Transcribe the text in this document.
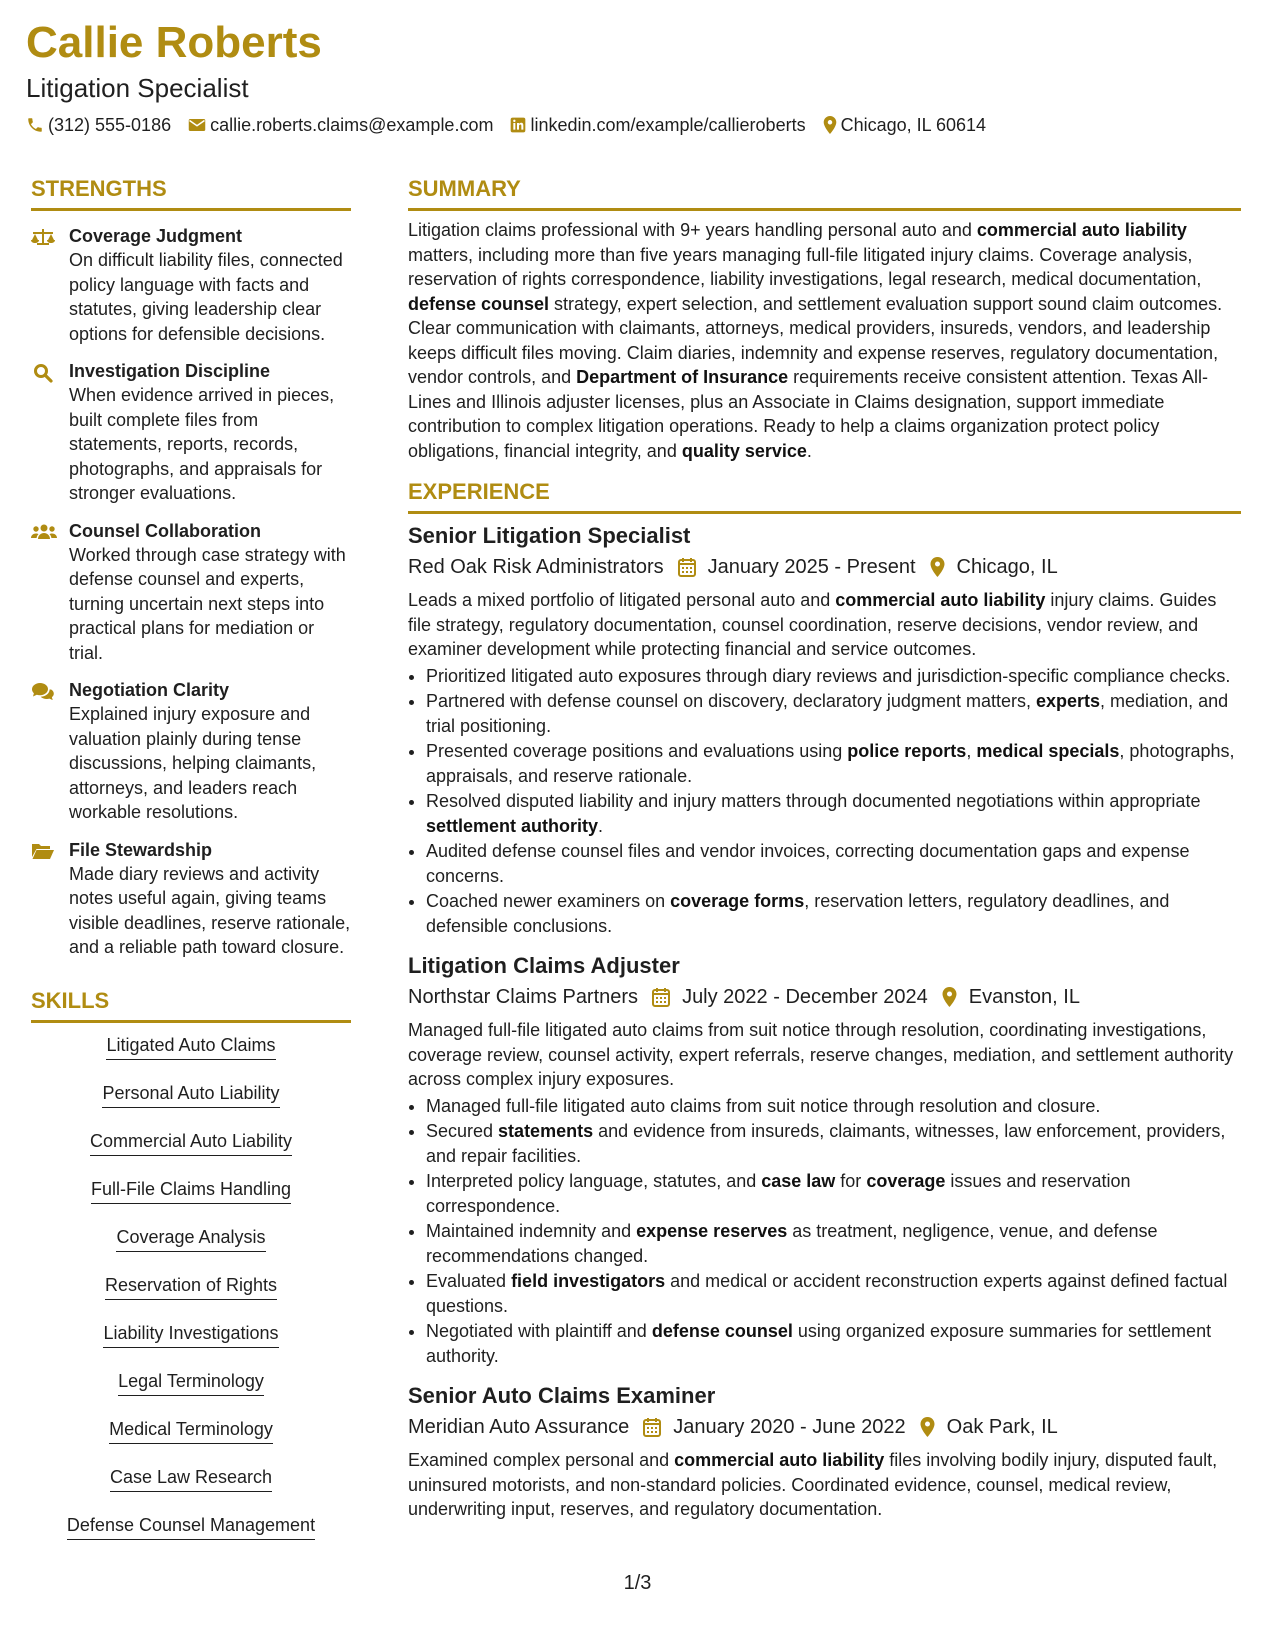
Callie Roberts
Litigation Specialist
(312) 555-0186 callie.roberts.claims@example.com linkedin.com/example/callieroberts Chicago, IL 60614
STRENGTHS
Coverage Judgment
On difficult liability files, connected policy language with facts and statutes, giving leadership clear options for defensible decisions.
Investigation Discipline
When evidence arrived in pieces, built complete files from statements, reports, records, photographs, and appraisals for stronger evaluations.
Counsel Collaboration
Worked through case strategy with defense counsel and experts, turning uncertain next steps into practical plans for mediation or trial.
Negotiation Clarity
Explained injury exposure and valuation plainly during tense discussions, helping claimants, attorneys, and leaders reach workable resolutions.
File Stewardship
Made diary reviews and activity notes useful again, giving teams visible deadlines, reserve rationale, and a reliable path toward closure.
SKILLS
Litigated Auto Claims
Personal Auto Liability
Commercial Auto Liability
Full-File Claims Handling
Coverage Analysis
Reservation of Rights
Liability Investigations
Legal Terminology
Medical Terminology
Case Law Research
Defense Counsel Management
SUMMARY
Litigation claims professional with 9+ years handling personal auto and commercial auto liability matters, including more than five years managing full-file litigated injury claims. Coverage analysis, reservation of rights correspondence, liability investigations, legal research, medical documentation, defense counsel strategy, expert selection, and settlement evaluation support sound claim outcomes. Clear communication with claimants, attorneys, medical providers, insureds, vendors, and leadership keeps difficult files moving. Claim diaries, indemnity and expense reserves, regulatory documentation, vendor controls, and Department of Insurance requirements receive consistent attention. Texas All-Lines and Illinois adjuster licenses, plus an Associate in Claims designation, support immediate contribution to complex litigation operations. Ready to help a claims organization protect policy obligations, financial integrity, and quality service.
EXPERIENCE
Senior Litigation Specialist
Red Oak Risk Administrators January 2025 - Present Chicago, IL
Leads a mixed portfolio of litigated personal auto and commercial auto liability injury claims. Guides file strategy, regulatory documentation, counsel coordination, reserve decisions, vendor review, and examiner development while protecting financial and service outcomes.
• Prioritized litigated auto exposures through diary reviews and jurisdiction-specific compliance checks.
• Partnered with defense counsel on discovery, declaratory judgment matters, experts, mediation, and trial positioning.
• Presented coverage positions and evaluations using police reports, medical specials, photographs, appraisals, and reserve rationale.
• Resolved disputed liability and injury matters through documented negotiations within appropriate settlement authority.
• Audited defense counsel files and vendor invoices, correcting documentation gaps and expense concerns.
• Coached newer examiners on coverage forms, reservation letters, regulatory deadlines, and defensible conclusions.
Litigation Claims Adjuster
Northstar Claims Partners July 2022 - December 2024 Evanston, IL
Managed full-file litigated auto claims from suit notice through resolution, coordinating investigations, coverage review, counsel activity, expert referrals, reserve changes, mediation, and settlement authority across complex injury exposures.
• Managed full-file litigated auto claims from suit notice through resolution and closure.
• Secured statements and evidence from insureds, claimants, witnesses, law enforcement, providers, and repair facilities.
• Interpreted policy language, statutes, and case law for coverage issues and reservation correspondence.
• Maintained indemnity and expense reserves as treatment, negligence, venue, and defense recommendations changed.
• Evaluated field investigators and medical or accident reconstruction experts against defined factual questions.
• Negotiated with plaintiff and defense counsel using organized exposure summaries for settlement authority.
Senior Auto Claims Examiner
Meridian Auto Assurance January 2020 - June 2022 Oak Park, IL
Examined complex personal and commercial auto liability files involving bodily injury, disputed fault, uninsured motorists, and non-standard policies. Coordinated evidence, counsel, medical review, underwriting input, reserves, and regulatory documentation.
1/3
